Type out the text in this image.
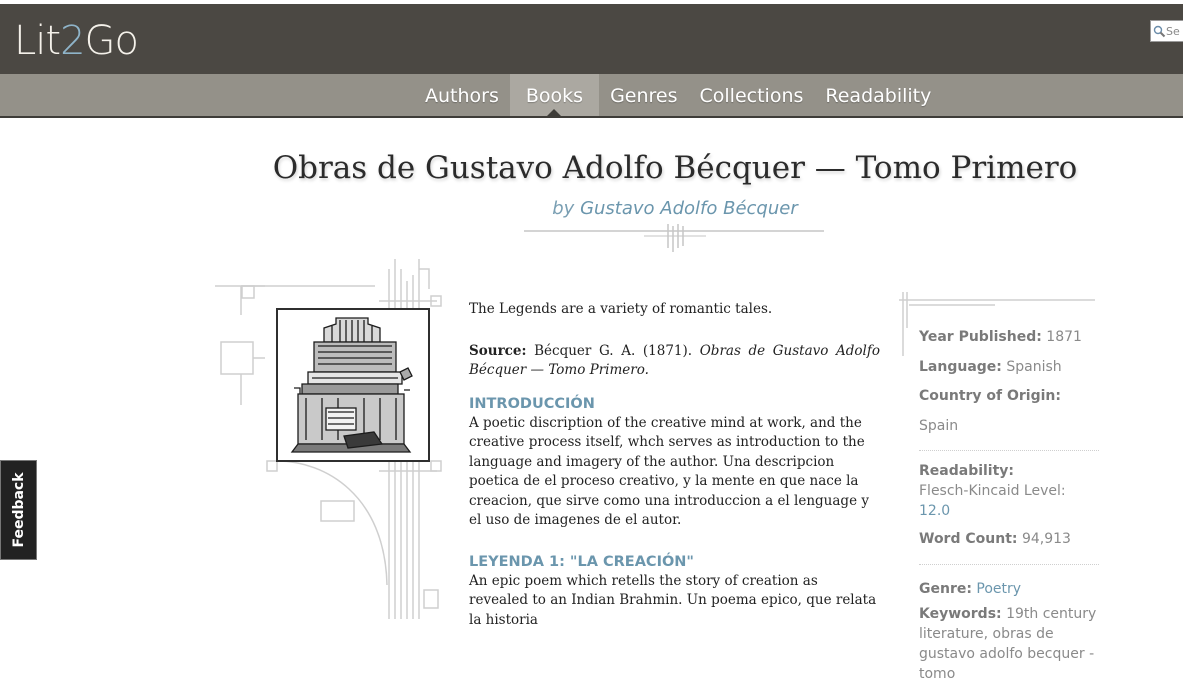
Lit2Go	Se
Authors	Books	Genres	Collections	Readability
Obras de Gustavo Adolfo Bécquer — Tomo Primero
by Gustavo Adolfo Bécquer

The Legends are a variety of romantic tales.

Source: Bécquer G. A. (1871). Obras de Gustavo Adolfo Bécquer — Tomo Primero.

INTRODUCCIÓN

A poetic discription of the creative mind at work, and the creative process itself, whch serves as introduction to the language and imagery of the author. Una descripcion poetica de el proceso creativo, y la mente en que nace la creacion, que sirve como una introduccion a el lenguage y el uso de imagenes de el autor.

LEYENDA 1: "LA CREACIÓN"

An epic poem which retells the story of creation as revealed to an Indian Brahmin. Un poema epico, que relata la historia

Year Published: 1871
Language: Spanish
Country of Origin: Spain
Readability:
Flesch-Kincaid Level: 12.0
Word Count: 94,913
Genre: Poetry
Keywords: 19th century literature, obras de gustavo adolfo becquer - tomo
Feedback
